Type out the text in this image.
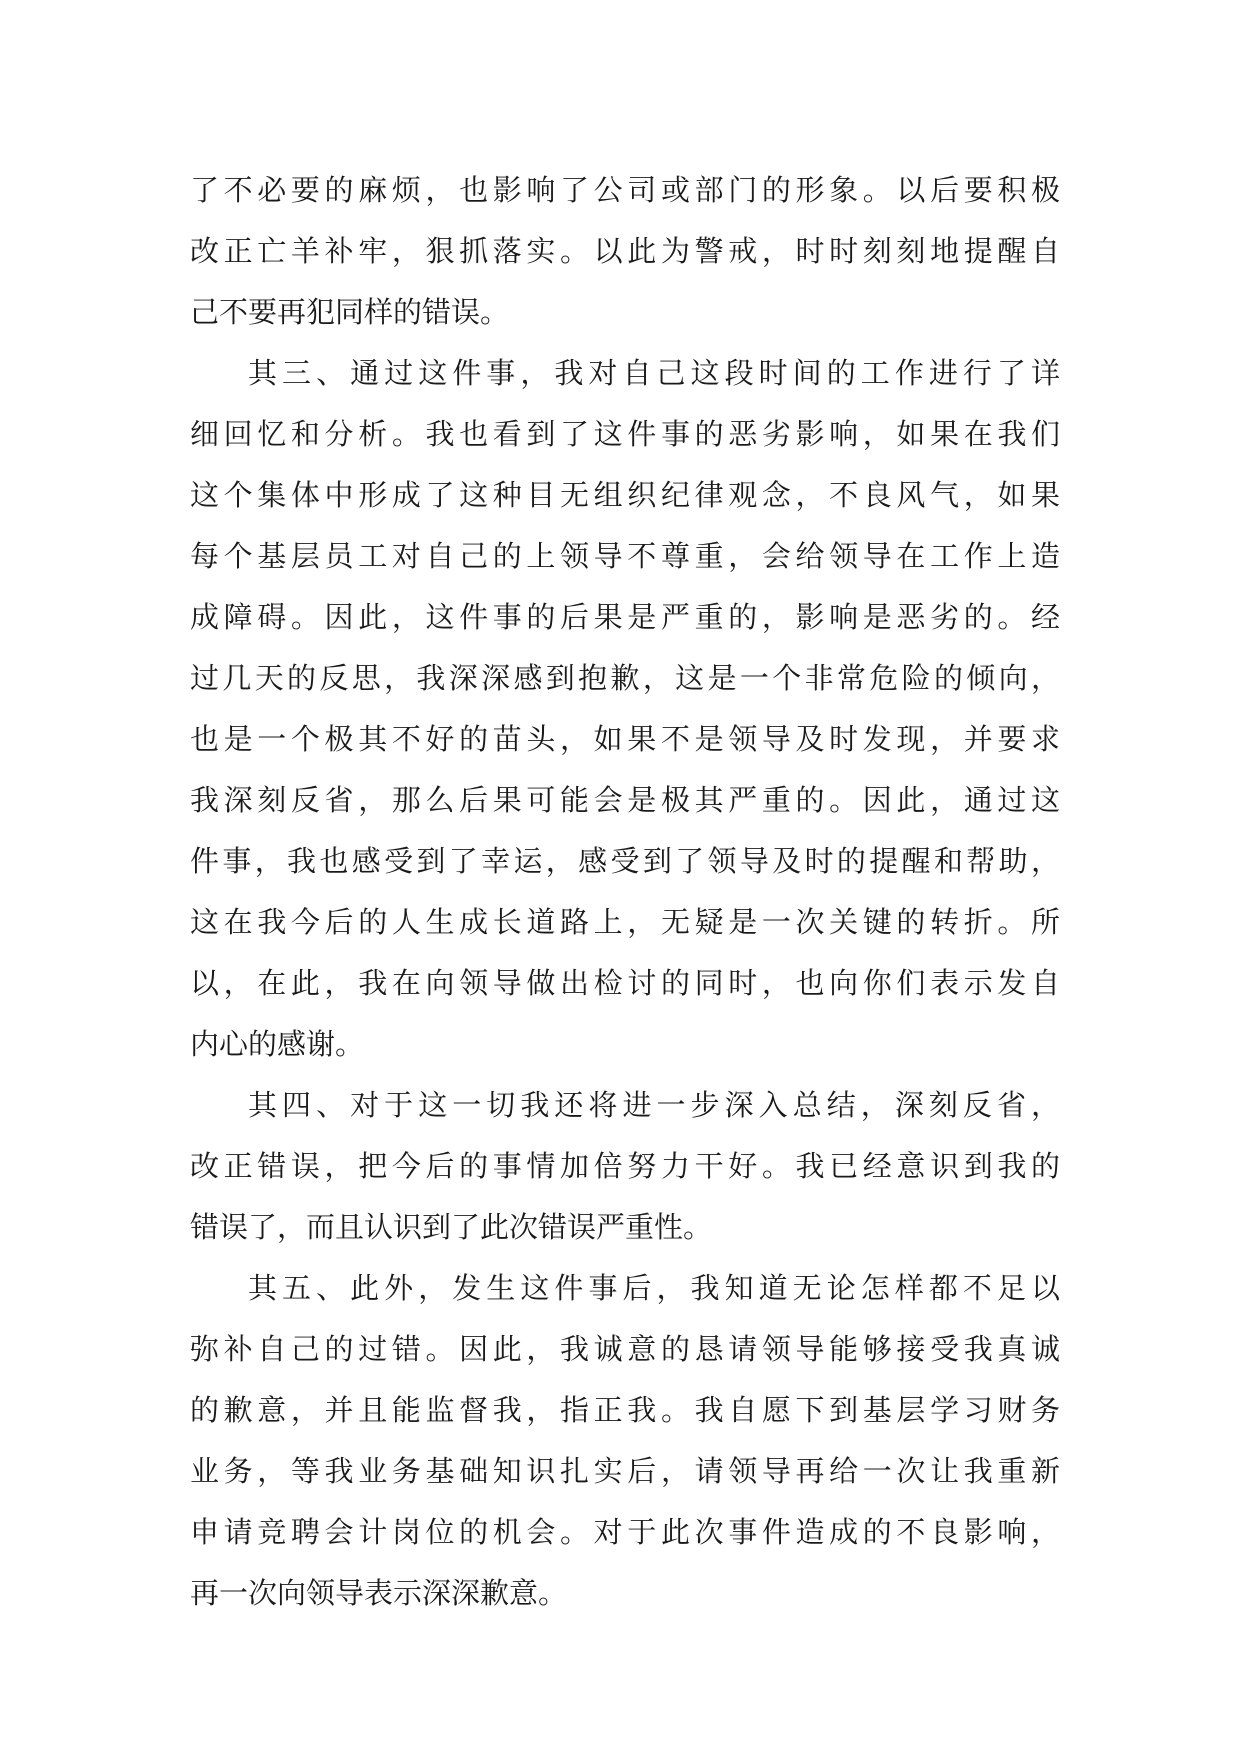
了不必要的麻烦，也影响了公司或部门的形象。以后要积极
改正亡羊补牢，狠抓落实。以此为警戒，时时刻刻地提醒自
己不要再犯同样的错误。
其三、通过这件事，我对自己这段时间的工作进行了详
细回忆和分析。我也看到了这件事的恶劣影响，如果在我们
这个集体中形成了这种目无组织纪律观念，不良风气，如果
每个基层员工对自己的上领导不尊重，会给领导在工作上造
成障碍。因此，这件事的后果是严重的，影响是恶劣的。经
过几天的反思，我深深感到抱歉，这是一个非常危险的倾向，
也是一个极其不好的苗头，如果不是领导及时发现，并要求
我深刻反省，那么后果可能会是极其严重的。因此，通过这
件事，我也感受到了幸运，感受到了领导及时的提醒和帮助，
这在我今后的人生成长道路上，无疑是一次关键的转折。所
以，在此，我在向领导做出检讨的同时，也向你们表示发自
内心的感谢。
其四、对于这一切我还将进一步深入总结，深刻反省，
改正错误，把今后的事情加倍努力干好。我已经意识到我的
错误了，而且认识到了此次错误严重性。
其五、此外，发生这件事后，我知道无论怎样都不足以
弥补自己的过错。因此，我诚意的恳请领导能够接受我真诚
的歉意，并且能监督我，指正我。我自愿下到基层学习财务
业务，等我业务基础知识扎实后，请领导再给一次让我重新
申请竞聘会计岗位的机会。对于此次事件造成的不良影响，
再一次向领导表示深深歉意。
